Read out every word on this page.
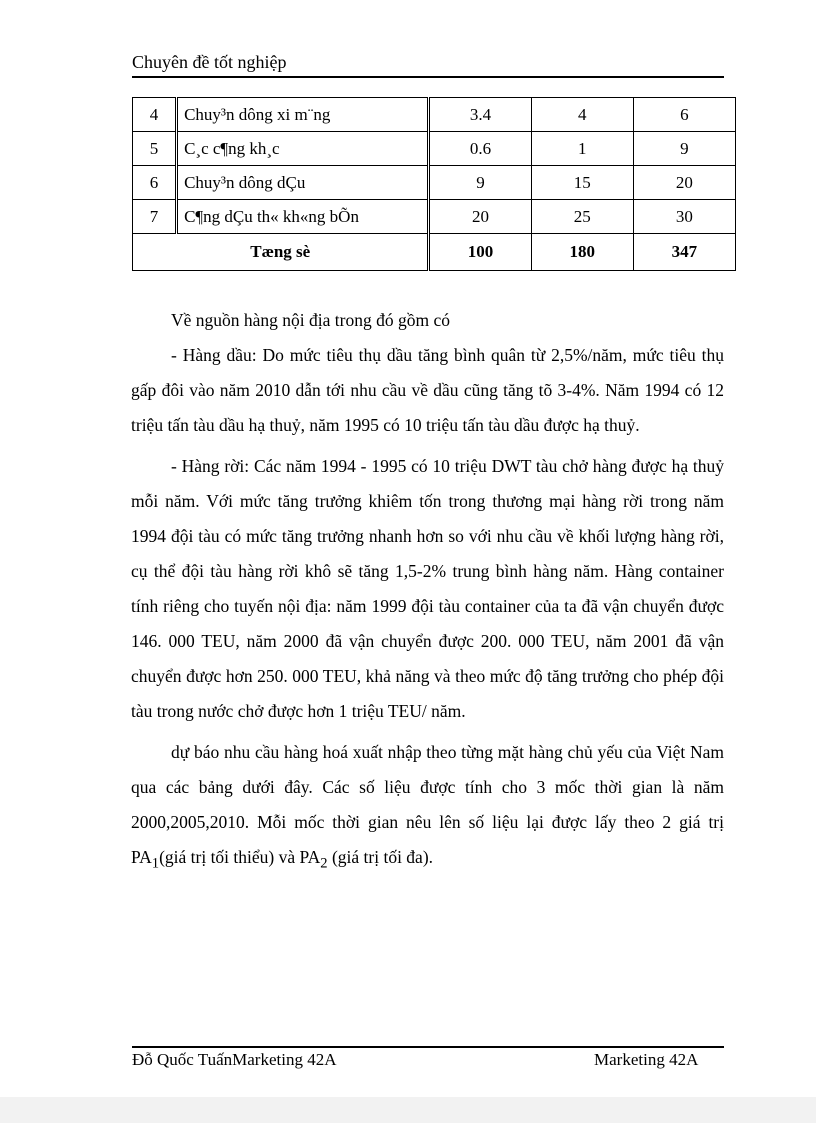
Chuyên đề tốt nghiệp
4	Chuy³n dông xi m¨ng	3.4	4	6
5	C¸c c¶ng kh¸c	0.6	1	9
6	Chuy³n dông dÇu	9	15	20
7	C¶ng dÇu th« kh«ng bÕn	20	25	30
Tæng sè		100	180	347

Về nguồn hàng nội địa trong đó gồm có

- Hàng dầu: Do mức tiêu thụ dầu tăng bình quân từ 2,5%/năm, mức tiêu thụ gấp đôi vào năm 2010 dẫn tới nhu cầu về dầu cũng tăng tõ 3-4%. Năm 1994 có 12 triệu tấn tàu dầu hạ thuỷ, năm 1995 có 10 triệu tấn tàu dầu được hạ thuỷ.

- Hàng rời: Các năm 1994 - 1995 có 10 triệu DWT tàu chở hàng được hạ thuỷ mỗi năm. Với mức tăng trưởng khiêm tốn trong thương mại hàng rời trong năm 1994 đội tàu có mức tăng trưởng nhanh hơn so với nhu cầu về khối lượng hàng rời, cụ thể đội tàu hàng rời khô sẽ tăng 1,5-2% trung bình hàng năm. Hàng container tính riêng cho tuyến nội địa: năm 1999 đội tàu container của ta đã vận chuyển được 146. 000 TEU, năm 2000 đã vận chuyển được 200. 000 TEU, năm 2001 đã vận chuyển được hơn 250. 000 TEU, khả năng và theo mức độ tăng trưởng cho phép đội tàu trong nước chở được hơn 1 triệu TEU/ năm.

dự báo nhu cầu hàng hoá xuất nhập theo từng mặt hàng chủ yếu của Việt Nam qua các bảng dưới đây. Các số liệu được tính cho 3 mốc thời gian là năm 2000,2005,2010. Mỗi mốc thời gian nêu lên số liệu lại được lấy theo 2 giá trị $PA_1(giá$ trị tối thiểu) và $PA_2$ (giá trị tối đa).

Đỗ Quốc TuấnMarketing 42A	Marketing 42A
